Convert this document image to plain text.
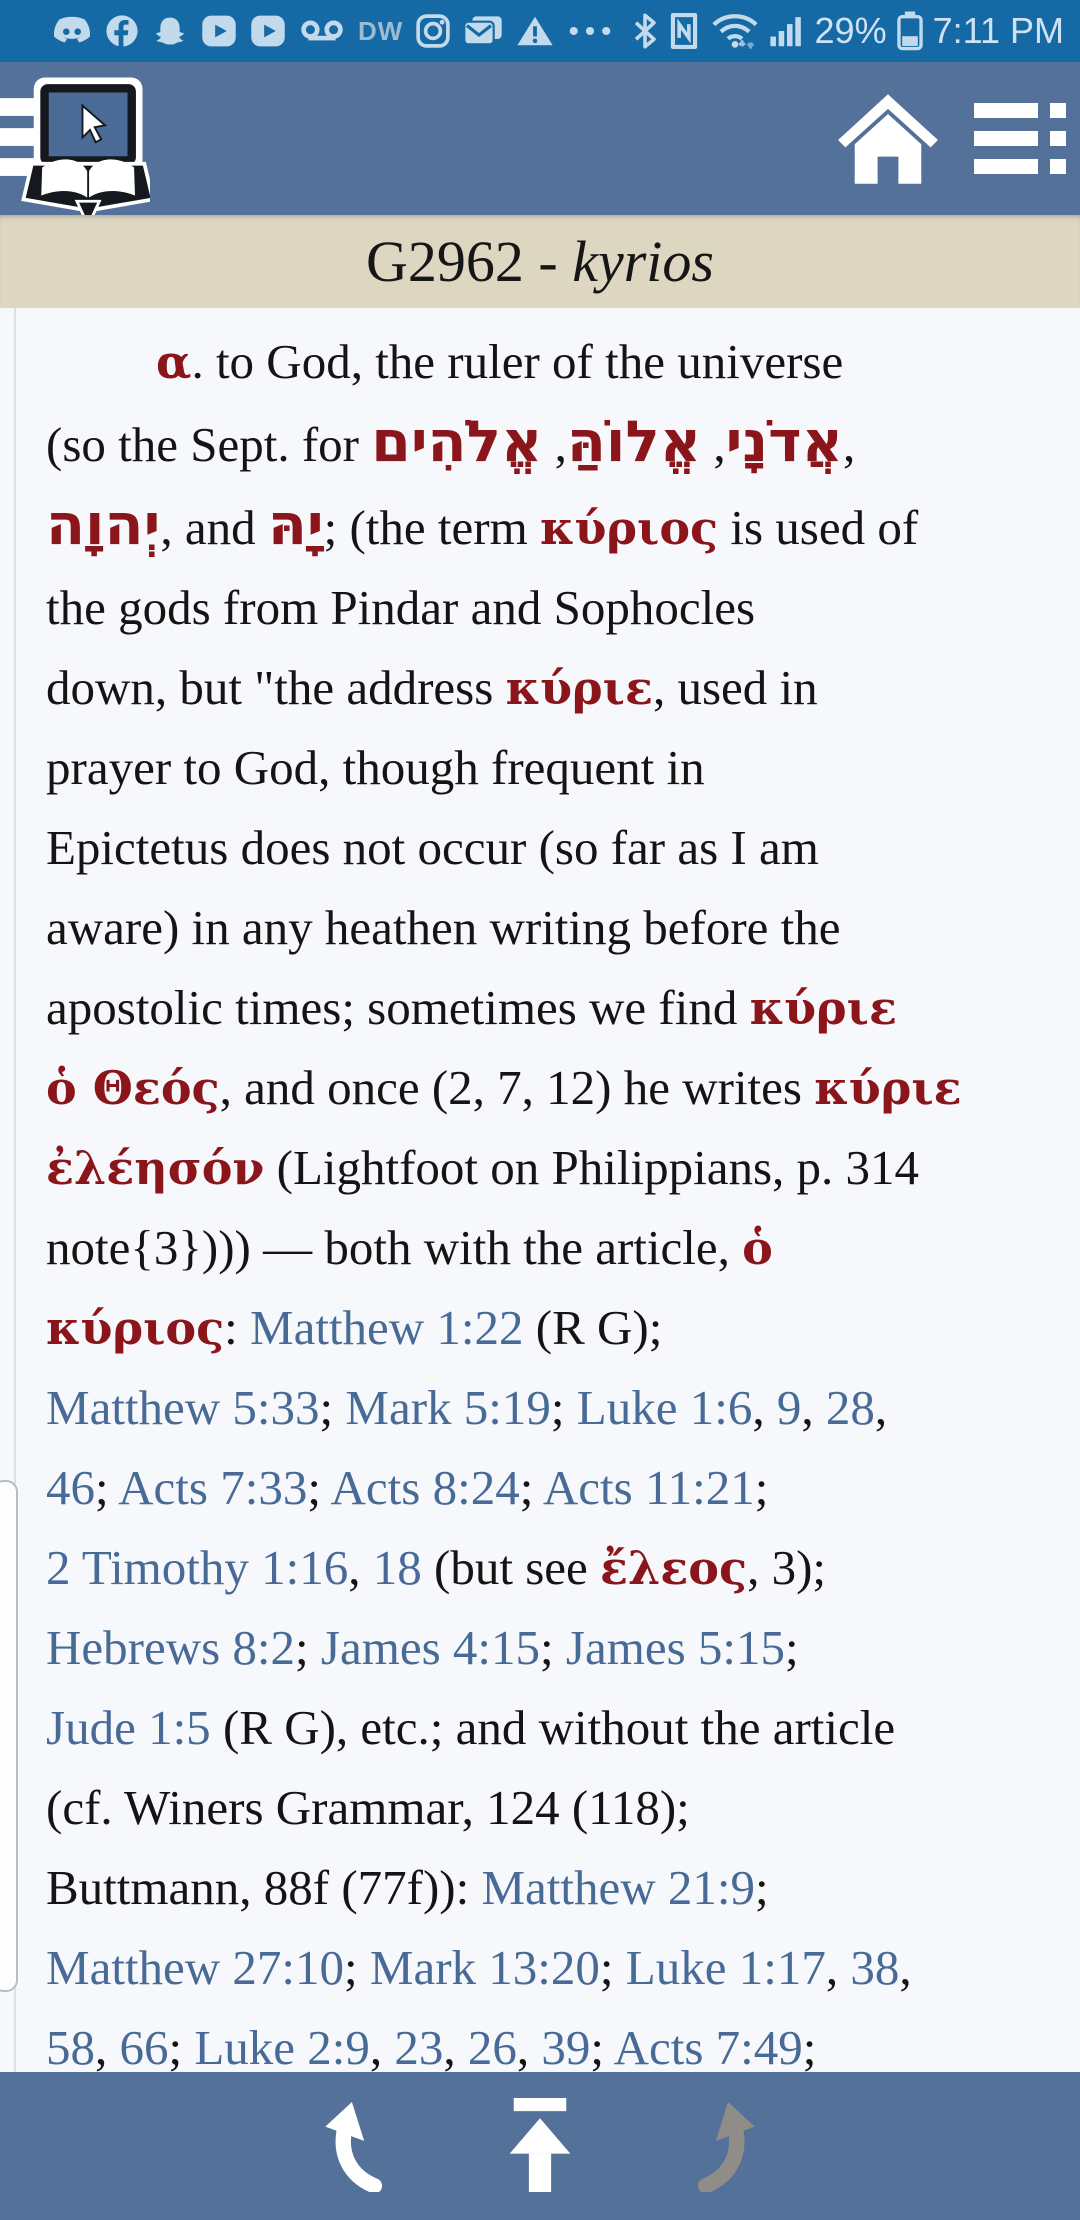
DW	29% 7:11 PM
G2962 - kyrios
α. to God, the ruler of the universe
(so the Sept. for	אֲדֹנָי, אֱלוֹהַּ, אֱלֹהִים	,
יְהוָה, and יָהּ; (the term κύριος is used of
the gods from Pindar and Sophocles
down, but "the address κύριε, used in
prayer to God, though frequent in
Epictetus does not occur (so far as I am
aware) in any heathen writing before the
apostolic times; sometimes we find κύριε
ὁ Θεός, and once (2, 7, 12) he writes κύριε
ἐλέησόν (Lightfoot on Philippians, p. 314
note{3}))) — both with the article, ὁ
κύριος: Matthew 1:22 (R G);
Matthew 5:33; Mark 5:19; Luke 1:6, 9, 28,
46; Acts 7:33; Acts 8:24; Acts 11:21;
2 Timothy 1:16, 18 (but see ἔλεος, 3);
Hebrews 8:2; James 4:15; James 5:15;
Jude 1:5 (R G), etc.; and without the article
(cf. Winers Grammar, 124 (118);
Buttmann, 88f (77f)): Matthew 21:9;
Matthew 27:10; Mark 13:20; Luke 1:17, 38,
58, 66; Luke 2:9, 23, 26, 39; Acts 7:49;
